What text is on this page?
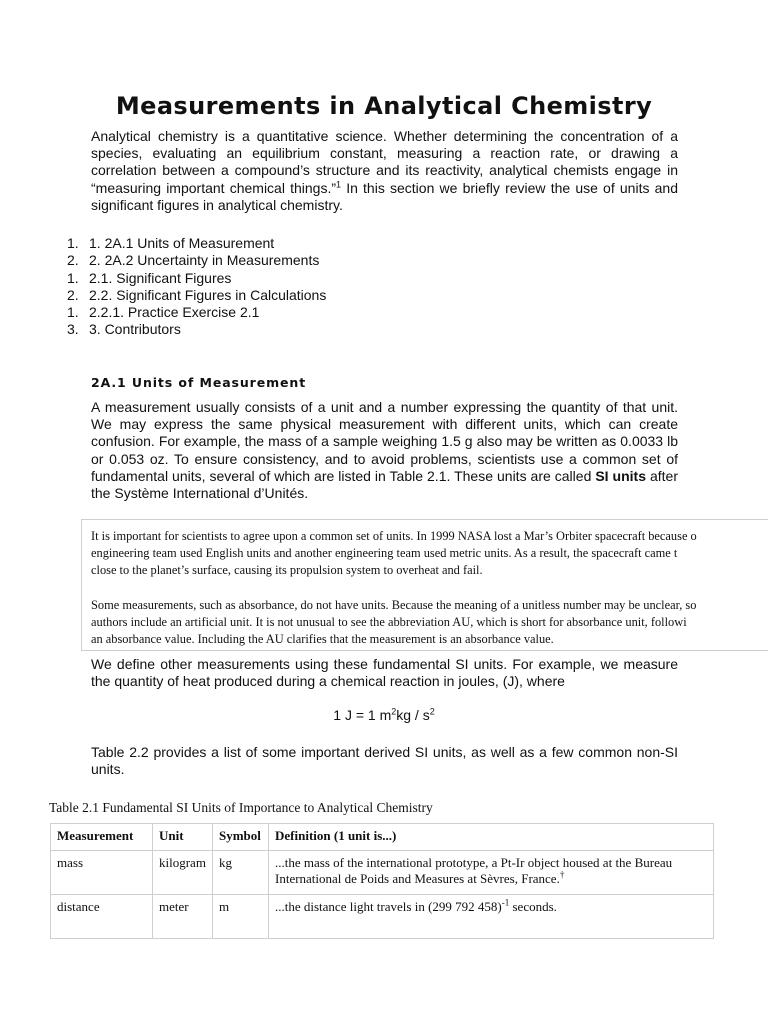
Measurements in Analytical Chemistry

Analytical chemistry is a quantitative science. Whether determining the concentration of a species, evaluating an equilibrium constant, measuring a reaction rate, or drawing a correlation between a compound’s structure and its reactivity, analytical chemists engage in “measuring important chemical things.”$^1$ In this section we briefly review the use of units and significant figures in analytical chemistry.

1. 1. 2A.1 Units of Measurement
2. 2. 2A.2 Uncertainty in Measurements
1. 2.1. Significant Figures
2. 2.2. Significant Figures in Calculations
1. 2.2.1. Practice Exercise 2.1
3. 3. Contributors
2A.1 Units of Measurement

A measurement usually consists of a unit and a number expressing the quantity of that unit. We may express the same physical measurement with different units, which can create confusion. For example, the mass of a sample weighing 1.5 g also may be written as 0.0033 lb or 0.053 oz. To ensure consistency, and to avoid problems, scientists use a common set of fundamental units, several of which are listed in Table 2.1. These units are called SI units after the Système International d’Unités.

It is important for scientists to agree upon a common set of units. In 1999 NASA lost a Mar’s Orbiter spacecraft because o
engineering team used English units and another engineering team used metric units. As a result, the spacecraft came t
close to the planet’s surface, causing its propulsion system to overheat and fail.

Some measurements, such as absorbance, do not have units. Because the meaning of a unitless number may be unclear, so
authors include an artificial unit. It is not unusual to see the abbreviation AU, which is short for absorbance unit, followi
an absorbance value. Including the AU clarifies that the measurement is an absorbance value.

We define other measurements using these fundamental SI units. For example, we measure the quantity of heat produced during a chemical reaction in joules, (J), where

1 J = 1 $m^2kg / s^2$

Table 2.2 provides a list of some important derived SI units, as well as a few common non-SI units.

Table 2.1 Fundamental SI Units of Importance to Analytical Chemistry

Measurement	Unit	Symbol	Definition (1 unit is...)
mass	kilogram	kg	...the mass of the international prototype, a Pt-Ir object housed at the Bureau International de Poids and Measures at Sèvres, France.†
distance	meter	m	...the distance light travels in (299 792 458)$^{-1}$ seconds.
